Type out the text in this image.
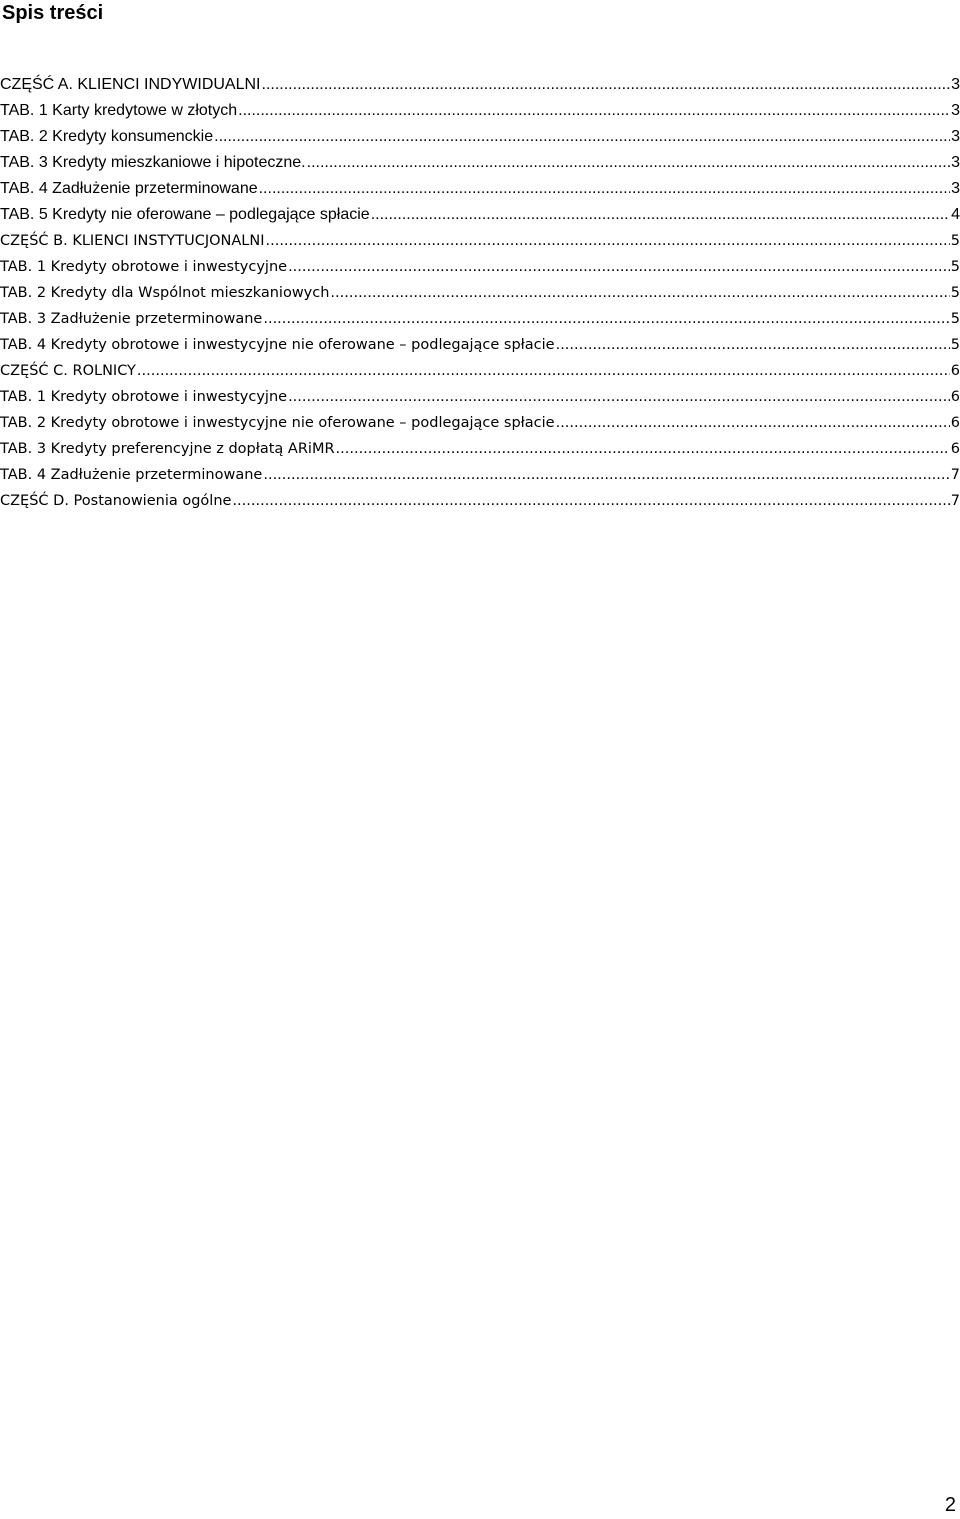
Spis treści
CZĘŚĆ A. KLIENCI INDYWIDUALNI .....	3
TAB. 1 Karty kredytowe w złotych .....	3
TAB. 2 Kredyty konsumenckie .....	3
TAB. 3 Kredyty mieszkaniowe i hipoteczne. .....	3
TAB. 4 Zadłużenie przeterminowane .....	3
TAB. 5 Kredyty nie oferowane – podlegające spłacie .....	4
CZĘŚĆ B. KLIENCI INSTYTUCJONALNI .....	5
TAB. 1 Kredyty obrotowe i inwestycyjne .....	5
TAB. 2 Kredyty dla Wspólnot mieszkaniowych .....	5
TAB. 3 Zadłużenie przeterminowane .....	5
TAB. 4 Kredyty obrotowe i inwestycyjne nie oferowane – podlegające spłacie .....	5
CZĘŚĆ C. ROLNICY .....	6
TAB. 1 Kredyty obrotowe i inwestycyjne .....	6
TAB. 2 Kredyty obrotowe i inwestycyjne nie oferowane – podlegające spłacie .....	6
TAB. 3 Kredyty preferencyjne z dopłatą ARiMR .....	6
TAB. 4 Zadłużenie przeterminowane .....	7
CZĘŚĆ D. Postanowienia ogólne .....	7
2
